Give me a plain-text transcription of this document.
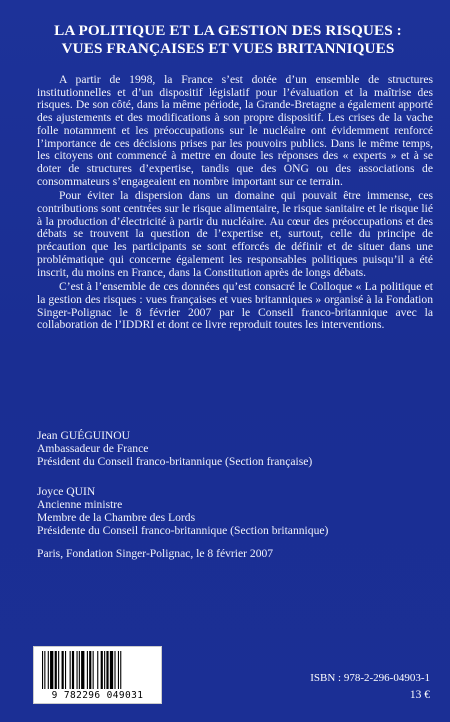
LA POLITIQUE ET LA GESTION DES RISQUES :
VUES FRANÇAISES ET VUES BRITANNIQUES

A partir de 1998, la France s’est dotée d’un ensemble de structures institutionnelles et d’un dispositif législatif pour l’évaluation et la maîtrise des risques. De son côté, dans la même période, la Grande-Bretagne a également apporté des ajustements et des modifications à son propre dispositif. Les crises de la vache folle notamment et les préoccupations sur le nucléaire ont évidemment renforcé l’importance de ces décisions prises par les pouvoirs publics. Dans le même temps, les citoyens ont commencé à mettre en doute les réponses des « experts » et à se doter de structures d’expertise, tandis que des ONG ou des associations de consommateurs s’engageaient en nombre important sur ce terrain.

Pour éviter la dispersion dans un domaine qui pouvait être immense, ces contributions sont centrées sur le risque alimentaire, le risque sanitaire et le risque lié à la production d’électricité à partir du nucléaire. Au cœur des préoccupations et des débats se trouvent la question de l’expertise et, surtout, celle du principe de précaution que les participants se sont efforcés de définir et de situer dans une problématique qui concerne également les responsables politiques puisqu’il a été inscrit, du moins en France, dans la Constitution après de longs débats.

C’est à l’ensemble de ces données qu’est consacré le Colloque « La politique et la gestion des risques : vues françaises et vues britanniques » organisé à la Fondation Singer-Polignac le 8 février 2007 par le Conseil franco-britannique avec la collaboration de l’IDDRI et dont ce livre reproduit toutes les interventions.

Jean GUÉGUINOU
Ambassadeur de France
Président du Conseil franco-britannique (Section française)
Joyce QUIN
Ancienne ministre
Membre de la Chambre des Lords
Présidente du Conseil franco-britannique (Section britannique)
Paris, Fondation Singer-Polignac, le 8 février 2007
9 782296 049031
ISBN : 978-2-296-04903-1
13 €
